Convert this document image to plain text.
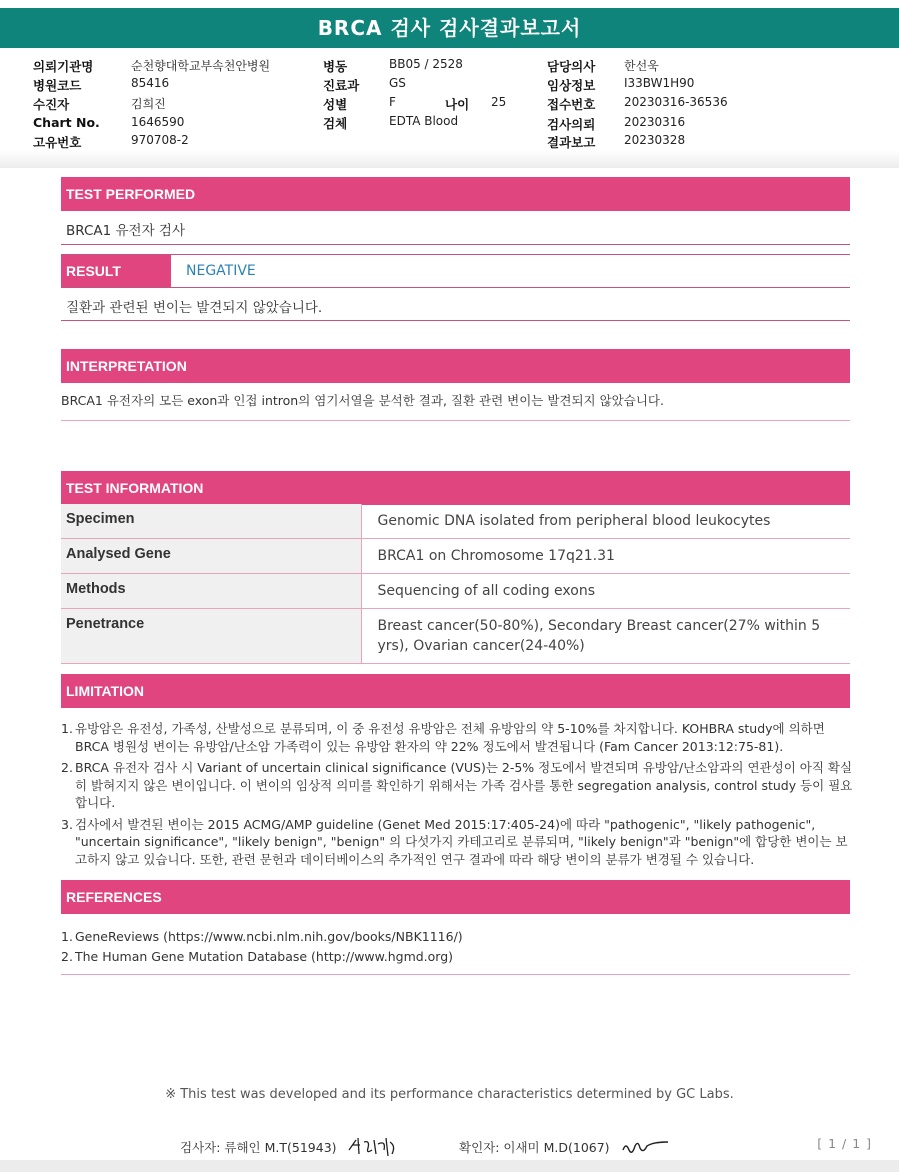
BRCA 검사 검사결과보고서
의뢰기관명	순천향대학교부속천안병원
병원코드	85416
수진자	김희진
Chart No.	1646590
고유번호	970708-2
병동	BB05 / 2528
진료과 GS
성별	F	나이 25
검체	EDTA Blood
담당의사 한선욱
임상정보 I33BW1H90
접수번호 20230316-36536
검사의뢰 20230316
결과보고 20230328
TEST PERFORMED
BRCA1 유전자 검사
RESULT	NEGATIVE
질환과 관련된 변이는 발견되지 않았습니다.
INTERPRETATION
BRCA1 유전자의 모든 exon과 인접 intron의 염기서열을 분석한 결과, 질환 관련 변이는 발견되지 않았습니다.
TEST INFORMATION
Specimen	Genomic DNA isolated from peripheral blood leukocytes
Analysed Gene	BRCA1 on Chromosome 17q21.31
Methods	Sequencing of all coding exons
Penetrance	Breast cancer(50-80%), Secondary Breast cancer(27% within 5 yrs), Ovarian cancer(24-40%)
LIMITATION
1. 유방암은 유전성, 가족성, 산발성으로 분류되며, 이 중 유전성 유방암은 전체 유방암의 약 5-10%를 차지합니다. KOHBRA study에 의하면 BRCA 병원성 변이는 유방암/난소암 가족력이 있는 유방암 환자의 약 22% 정도에서 발견됩니다 (Fam Cancer 2013:12:75-81).
2. BRCA 유전자 검사 시 Variant of uncertain clinical significance (VUS)는 2-5% 정도에서 발견되며 유방암/난소암과의 연관성이 아직 확실히 밝혀지지 않은 변이입니다. 이 변이의 임상적 의미를 확인하기 위해서는 가족 검사를 통한 segregation analysis, control study 등이 필요합니다.
3. 검사에서 발견된 변이는 2015 ACMG/AMP guideline (Genet Med 2015:17:405-24)에 따라 "pathogenic", "likely pathogenic", "uncertain significance", "likely benign", "benign" 의 다섯가지 카테고리로 분류되며, "likely benign"과 "benign"에 합당한 변이는 보고하지 않고 있습니다. 또한, 관련 문헌과 데이터베이스의 추가적인 연구 결과에 따라 해당 변이의 분류가 변경될 수 있습니다.
REFERENCES
1. GeneReviews (https://www.ncbi.nlm.nih.gov/books/NBK1116/)
2. The Human Gene Mutation Database (http://www.hgmd.org)
※ This test was developed and its performance characteristics determined by GC Labs.
검사자: 류해인 M.T(51943)	확인자: 이새미 M.D(1067)	[ 1 / 1 ]
